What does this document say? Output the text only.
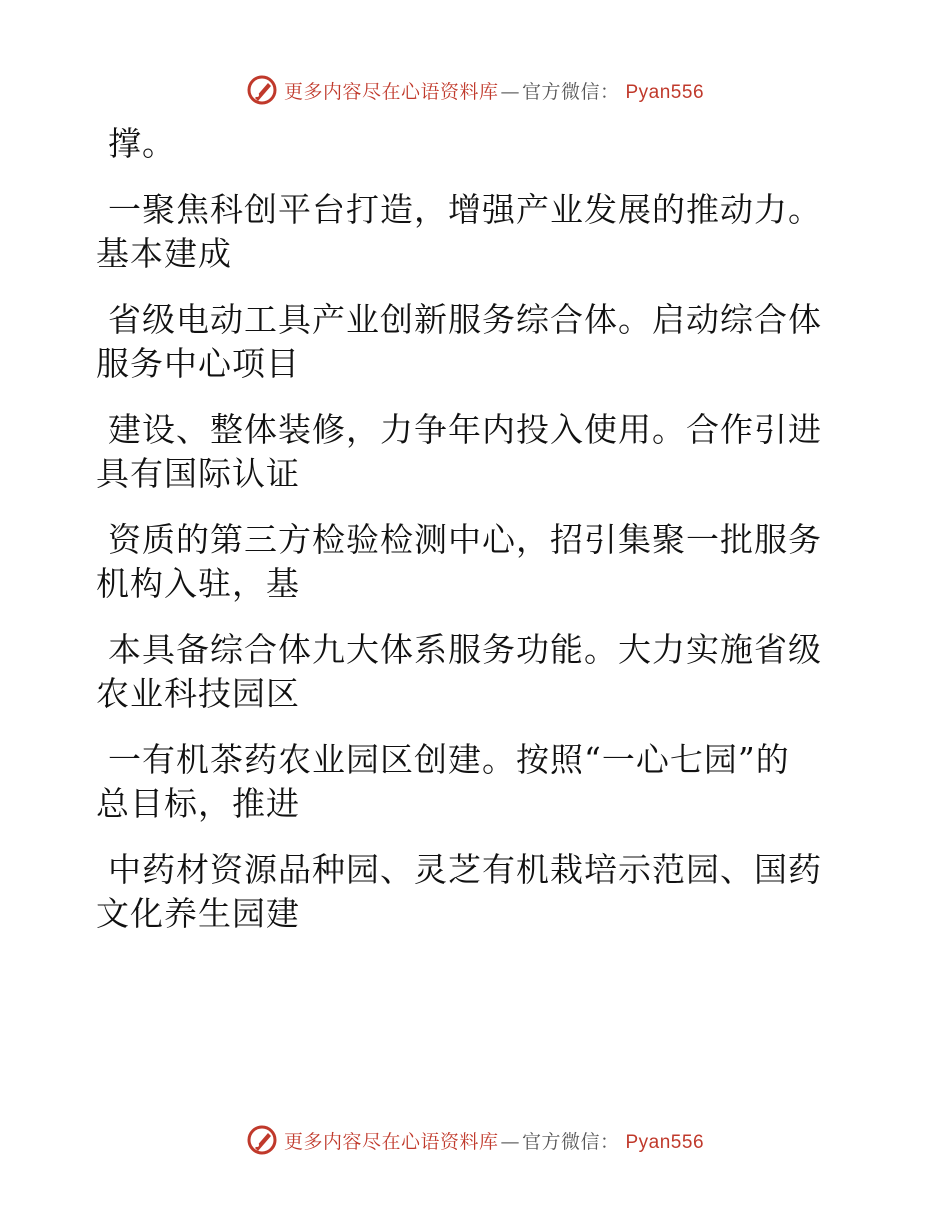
更多内容尽在心语资料库 — 官方微信： Pyan556
撑。
一聚焦科创平台打造，增强产业发展的推动力。
基本建成
省级电动工具产业创新服务综合体。启动综合体
服务中心项目
建设、整体装修，力争年内投入使用。合作引进
具有国际认证
资质的第三方检验检测中心，招引集聚一批服务
机构入驻，基
本具备综合体九大体系服务功能。大力实施省级
农业科技园区
一有机茶药农业园区创建。按照“一心七园”的
总目标，推进
中药材资源品种园、灵芝有机栽培示范园、国药
文化养生园建
更多内容尽在心语资料库 — 官方微信： Pyan556
